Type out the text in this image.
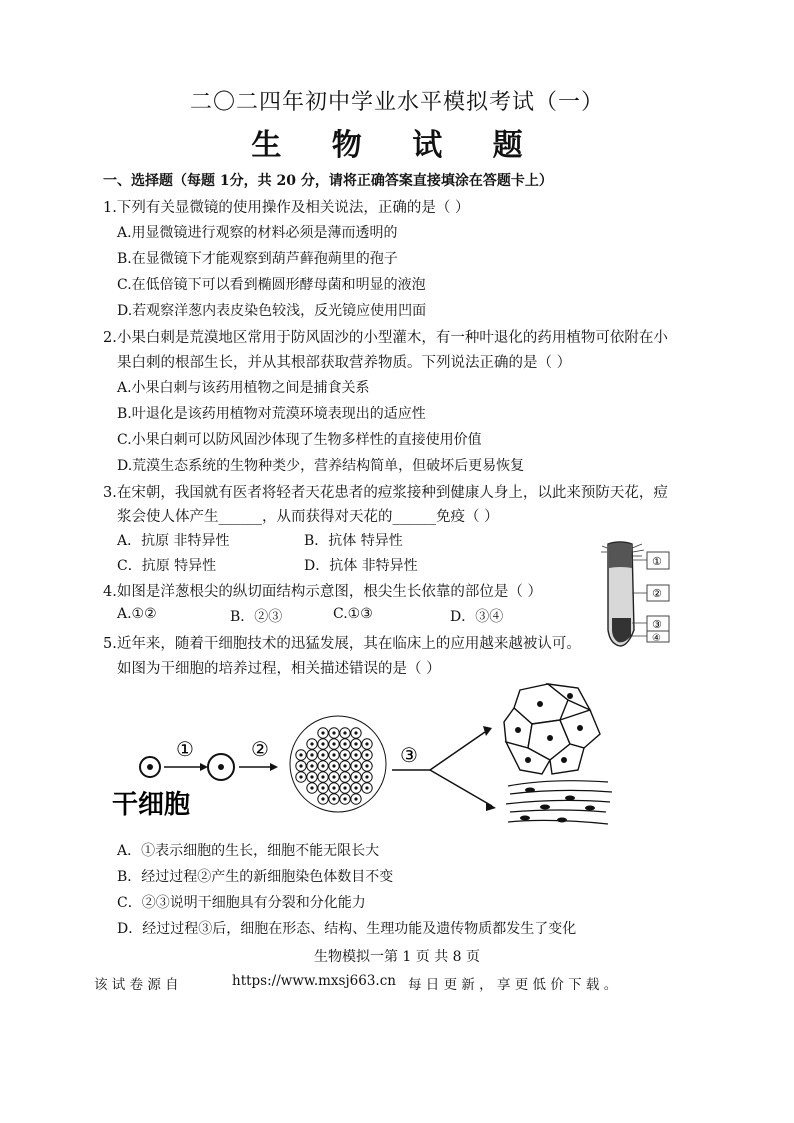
二〇二四年初中学业水平模拟考试（一）
生 物 试 题
一、选择题（每题 1分，共 20 分，请将正确答案直接填涂在答题卡上）
1.下列有关显微镜的使用操作及相关说法，正确的是（ ）
A.用显微镜进行观察的材料必须是薄而透明的
B.在显微镜下才能观察到葫芦藓孢蒴里的孢子
C.在低倍镜下可以看到椭圆形酵母菌和明显的液泡
D.若观察洋葱内表皮染色较浅，反光镜应使用凹面
2.小果白刺是荒漠地区常用于防风固沙的小型灌木，有一种叶退化的药用植物可依附在小
果白刺的根部生长，并从其根部获取营养物质。下列说法正确的是（ ）
A.小果白刺与该药用植物之间是捕食关系
B.叶退化是该药用植物对荒漠环境表现出的适应性
C.小果白刺可以防风固沙体现了生物多样性的直接使用价值
D.荒漠生态系统的生物种类少，营养结构简单，但破坏后更易恢复
3.在宋朝，我国就有医者将轻者天花患者的痘浆接种到健康人身上，以此来预防天花，痘
浆会使人体产生______，从而获得对天花的______免疫（ ）
A．抗原 非特异性	B．抗体 特异性
C．抗原 特异性	D．抗体 非特异性
4.如图是洋葱根尖的纵切面结构示意图，根尖生长依靠的部位是（ ）
A.①②	B．②③	C.①③	D．③④
①
②
③
④
5.近年来，随着干细胞技术的迅猛发展，其在临床上的应用越来越被认可。
如图为干细胞的培养过程，相关描述错误的是（ ）
①	②	③
干细胞
A．①表示细胞的生长，细胞不能无限长大
B．经过过程②产生的新细胞染色体数目不变
C．②③说明干细胞具有分裂和分化能力
D．经过过程③后，细胞在形态、结构、生理功能及遗传物质都发生了变化
生物模拟一第 1 页 共 8 页
该 试 卷 源 自	https://www.mxsj663.cn 每 日 更 新 ， 享 更 低 价 下 载 。
